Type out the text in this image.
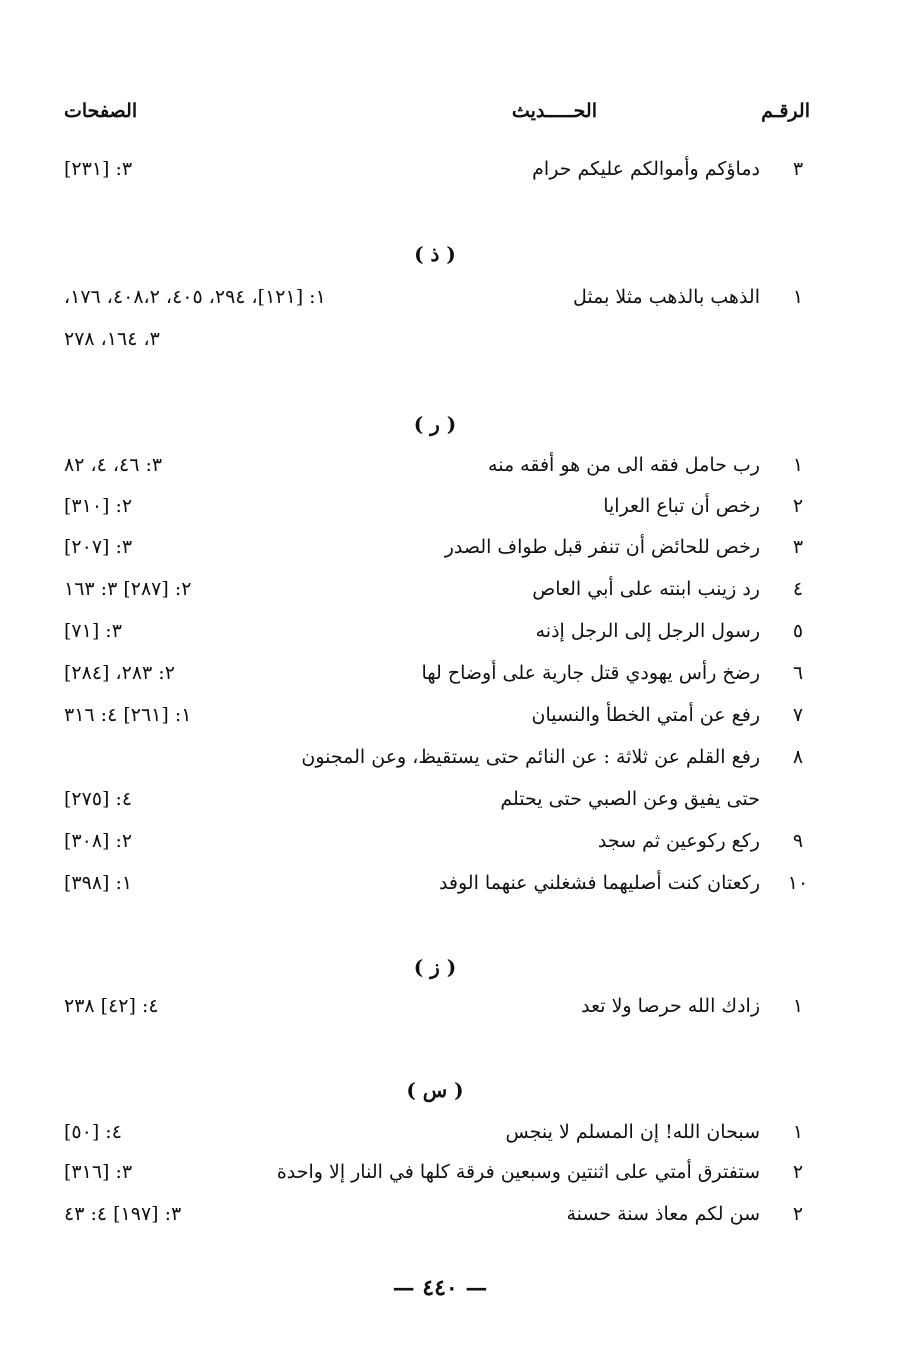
الرقـم
الحـــــديث
الصفحات
٣
دماؤكم وأموالكم عليكم حرام
٣: [٢٣١]
( ذ )
١
الذهب بالذهب مثلا بمثل
١: [١٢١]، ٢٩٤، ٤٠٥، ٤٠٨،٢، ١٧٦،
٣، ١٦٤، ٢٧٨
( ر )
١
رب حامل فقه الى من هو أفقه منه
٣: ٤٦، ٤، ٨٢
٢
رخص أن تباع العرايا
٢: [٣١٠]
٣
رخص للحائض أن تنفر قبل طواف الصدر
٣: [٢٠٧]
٤
رد زينب ابنته على أبي العاص
٢: [٢٨٧] ٣: ١٦٣
٥
رسول الرجل إلى الرجل إذنه
٣: [٧١]
٦
رضخ رأس يهودي قتل جارية على أوضاح لها
٢: ٢٨٣، [٢٨٤]
٧
رفع عن أمتي الخطأ والنسيان
١: [٢٦١] ٤: ٣١٦
٨
رفع القلم عن ثلاثة : عن النائم حتى يستقيظ، وعن المجنون
حتى يفيق وعن الصبي حتى يحتلم
٤: [٢٧٥]
٩
ركع ركوعين ثم سجد
٢: [٣٠٨]
١٠
ركعتان كنت أصليهما فشغلني عنهما الوفد
١: [٣٩٨]
( ز )
١
زادك الله حرصا ولا تعد
٤: [٤٢] ٢٣٨
( س )
١
سبحان الله! إن المسلم لا ينجس
٤: [٥٠]
٢
ستفترق أمتي على اثنتين وسبعين فرقة كلها في النار إلا واحدة
٣: [٣١٦]
٢
سن لكم معاذ سنة حسنة
٣: [١٩٧] ٤: ٤٣
— ٤٤٠ —
